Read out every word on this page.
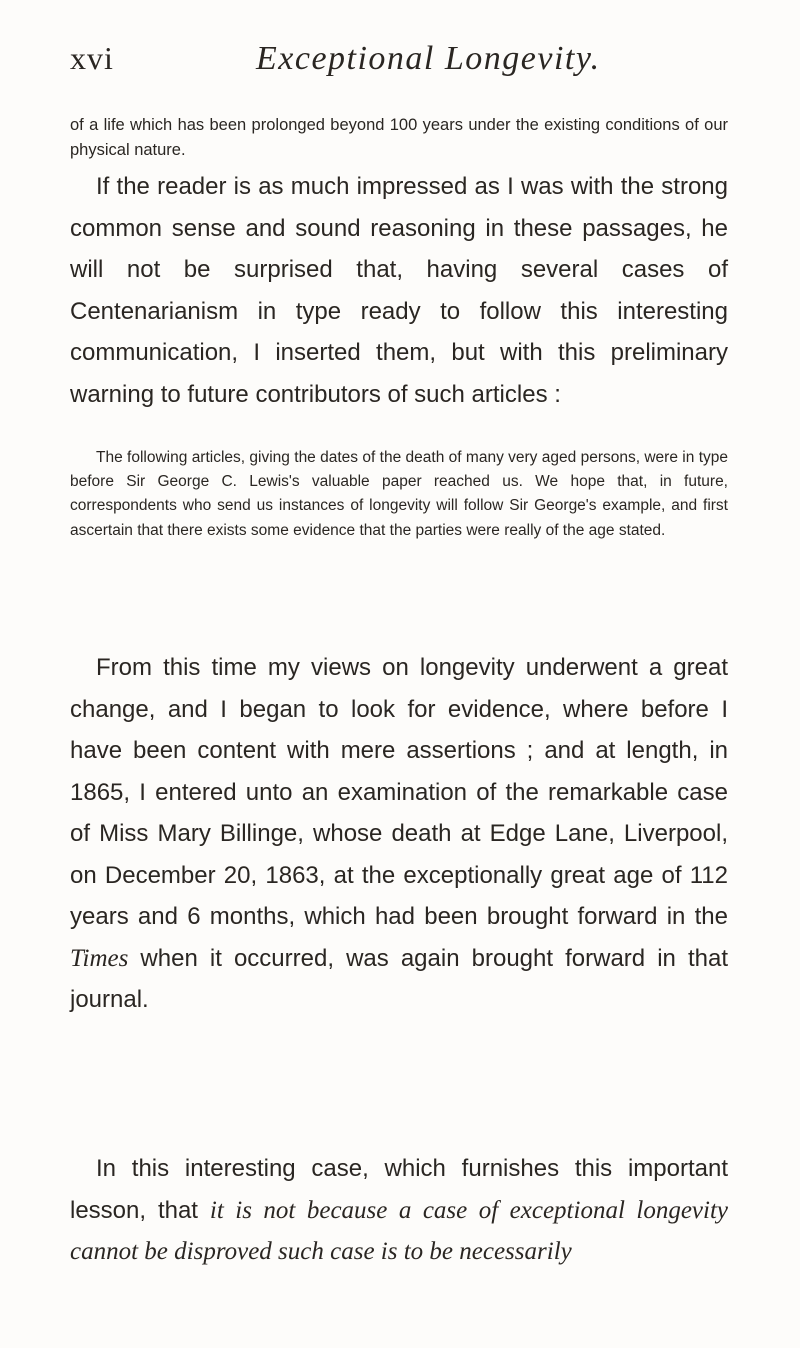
xvi	Exceptional Longevity.

of a life which has been prolonged beyond 100 years under the existing conditions of our physical nature.

If the reader is as much impressed as I was with the strong common sense and sound reasoning in these passages, he will not be surprised that, having several cases of Centenarianism in type ready to follow this interesting communication, I inserted them, but with this preliminary warning to future contributors of such articles :

The following articles, giving the dates of the death of many very aged persons, were in type before Sir George C. Lewis's valuable paper reached us. We hope that, in future, correspondents who send us instances of longevity will follow Sir George's example, and first ascertain that there exists some evidence that the parties were really of the age stated.

From this time my views on longevity underwent a great change, and I began to look for evidence, where before I have been content with mere assertions ; and at length, in 1865, I entered unto an examination of the remarkable case of Miss Mary Billinge, whose death at Edge Lane, Liverpool, on December 20, 1863, at the exceptionally great age of 112 years and 6 months, which had been brought forward in the Times when it occurred, was again brought forward in that journal.

In this interesting case, which furnishes this important lesson, that it is not because a case of exceptional longevity cannot be disproved such case is to be necessarily
